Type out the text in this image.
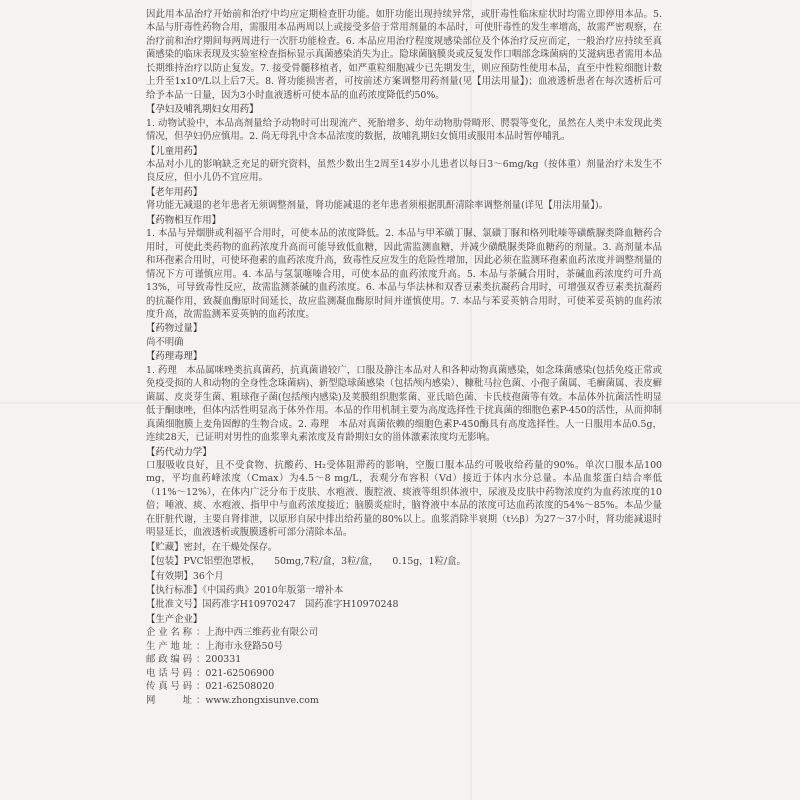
因此用本品治疗开始前和治疗中均应定期检查肝功能。如肝功能出现持续异常，或肝毒性临床症状时均需立即停用本品。5. 本品与肝毒性药物合用，需服用本品两周以上或接受多倍于常用剂量的本品时，可使肝毒性的发生率增高，故需严密观察，在治疗前和治疗期间每两周进行一次肝功能检查。6. 本品应用治疗程度规感染部位及个体治疗反应而定，一般治疗应持续至真菌感染的临床表现及实验室检查指标显示真菌感染消失为止。隐球菌脑膜炎或反复发作口咽部念珠菌病的艾滋病患者需用本品长期维持治疗以防止复发。7. 接受骨髓移植者，如严重粒细胞减少已先期发生，则应预防性使用本品，直至中性粒细胞计数上升至1x10⁹/L以上后7天。8. 肾功能损害者，可按前述方案调整用药剂量(见【用法用量】)；血液透析患者在每次透析后可给予本品一日量，因为3小时血液透析可使本品的血药浓度降低约50%。

【孕妇及哺乳期妇女用药】

1. 动物试验中，本品高剂量给予动物时可出现流产、死胎增多、幼年动物肋骨畸形、腭裂等变化，虽然在人类中未发现此类情况，但孕妇仍应慎用。2. 尚无母乳中含本品浓度的数据，故哺乳期妇女慎用或服用本品时暂停哺乳。

【儿童用药】

本品对小儿的影响缺乏充足的研究资料，虽然少数出生2周至14岁小儿患者以每日3～6mg/kg（按体重）剂量治疗未发生不良反应，但小儿仍不宜应用。

【老年用药】

肾功能无减退的老年患者无须调整剂量，肾功能减退的老年患者须根据肌酐清除率调整剂量(详见【用法用量】)。

【药物相互作用】

1. 本品与异烟肼或利福平合用时，可使本品的浓度降低。2. 本品与甲苯磺丁脲、氯磺丁脲和格列吡嗪等磺酰脲类降血糖药合用时，可使此类药物的血药浓度升高而可能导致低血糖，因此需监测血糖，并减少磺酰脲类降血糖药的剂量。3. 高剂量本品和环孢素合用时，可使环孢素的血药浓度升高，致毒性反应发生的危险性增加，因此必须在监测环孢素血药浓度并调整剂量的情况下方可谨慎应用。4. 本品与氢氯噻嗪合用，可使本品的血药浓度升高。5. 本品与茶碱合用时，茶碱血药浓度约可升高13%，可导致毒性反应，故需监测茶碱的血药浓度。6. 本品与华法林和双香豆素类抗凝药合用时，可增强双香豆素类抗凝药的抗凝作用，致凝血酶原时间延长，故应监测凝血酶原时间并谨慎使用。7. 本品与苯妥英钠合用时，可使苯妥英钠的血药浓度升高，故需监测苯妥英钠的血药浓度。

【药物过量】

尚不明确

【药理毒理】

1. 药理　本品属咪唑类抗真菌药，抗真菌谱较广，口服及静注本品对人和各种动物真菌感染，如念珠菌感染(包括免疫正常或免疫受损的人和动物的全身性念珠菌病)、新型隐球菌感染（包括颅内感染）、糠秕马拉色菌、小孢子菌属、毛癣菌属、表皮癣菌属、皮炎芽生菌、粗球孢子菌(包括颅内感染)及荚膜组织胞浆菌、亚氏暗色菌、卡氏枝孢菌等有效。本品体外抗菌活性明显低于酮康唑，但体内活性明显高于体外作用。本品的作用机制主要为高度选择性干扰真菌的细胞色素P-450的活性，从而抑制真菌细胞膜上麦角固醇的生物合成。2. 毒理　本品对真菌依赖的细胞色素P-450酶具有高度选择性。人一日服用本品0.5g，连续28天，已证明对男性的血浆睾丸素浓度及育龄期妇女的甾体激素浓度均无影响。

【药代动力学】

口服吸收良好，且不受食物、抗酸药、H₂受体阻滞药的影响，空腹口服本品约可吸收给药量的90%。单次口服本品100 mg，平均血药峰浓度（Cmax）为4.5～8 mg/L，表观分布容积（Vd）接近于体内水分总量。本品血浆蛋白结合率低（11%～12%），在体内广泛分布于皮肤、水疱液、腹腔液、痰液等组织体液中，尿液及皮肤中药物浓度约为血药浓度的10倍；唾液、痰、水疱液、指甲中与血药浓度接近；脑膜炎症时，脑脊液中本品的浓度可达血药浓度的54%～85%。本品少量在肝脏代谢，主要自肾排泄，以原形自尿中排出给药量的80%以上。血浆消除半衰期（t½β）为27～37小时，肾功能减退时明显延长，血液透析或腹膜透析可部分清除本品。

【贮藏】密封，在干燥处保存。
【包装】PVC铝塑泡罩板，　　50mg,7粒/盒，3粒/盒，　　0.15g，1粒/盒。
【有效期】36个月
【执行标准】《中国药典》2010年版第一增补本
【批准文号】国药准字H10970247　国药准字H10970248
【生产企业】
企业名称 ：上海中西三维药业有限公司
生产地址 ：上海市永登路50号
邮政编码 ：200331
电话号码 ：021-62506900
传真号码 ：021-62508020
网址 ：www.zhongxisunve.com
